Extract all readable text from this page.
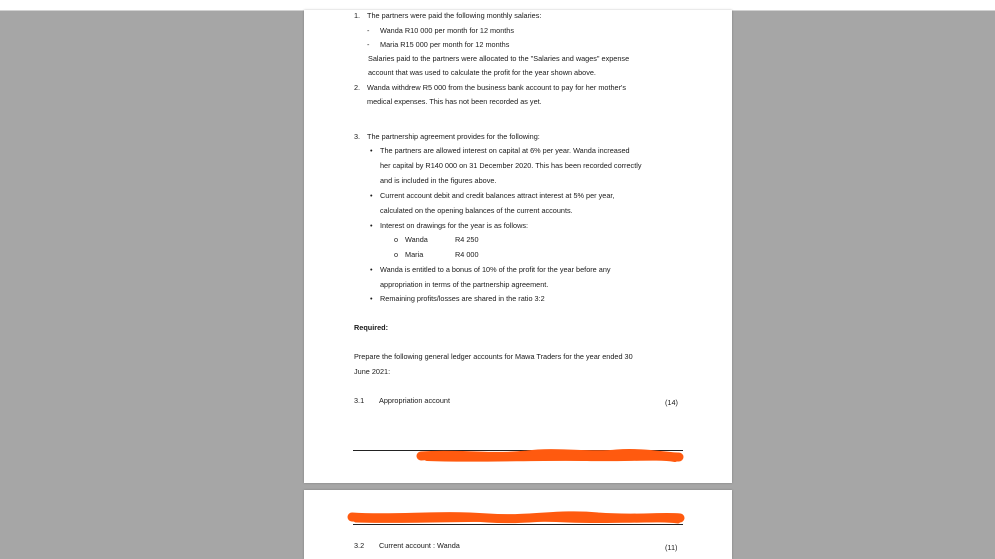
1. The partners were paid the following monthly salaries:
- Wanda R10 000 per month for 12 months
- Maria R15 000 per month for 12 months
Salaries paid to the partners were allocated to the "Salaries and wages" expense
account that was used to calculate the profit for the year shown above.
2. Wanda withdrew R5 000 from the business bank account to pay for her mother's
medical expenses. This has not been recorded as yet.
3. The partnership agreement provides for the following:
• The partners are allowed interest on capital at 6% per year. Wanda increased
her capital by R140 000 on 31 December 2020. This has been recorded correctly
and is included in the figures above.
• Current account debit and credit balances attract interest at 5% per year,
calculated on the opening balances of the current accounts.
• Interest on drawings for the year is as follows:
o Wanda	R4 250
o Maria	R4 000
• Wanda is entitled to a bonus of 10% of the profit for the year before any
appropriation in terms of the partnership agreement.
• Remaining profits/losses are shared in the ratio 3:2
Required:
Prepare the following general ledger accounts for Mawa Traders for the year ended 30
June 2021:
3.1 Appropriation account	(14)
3.2 Current account : Wanda	(11)
